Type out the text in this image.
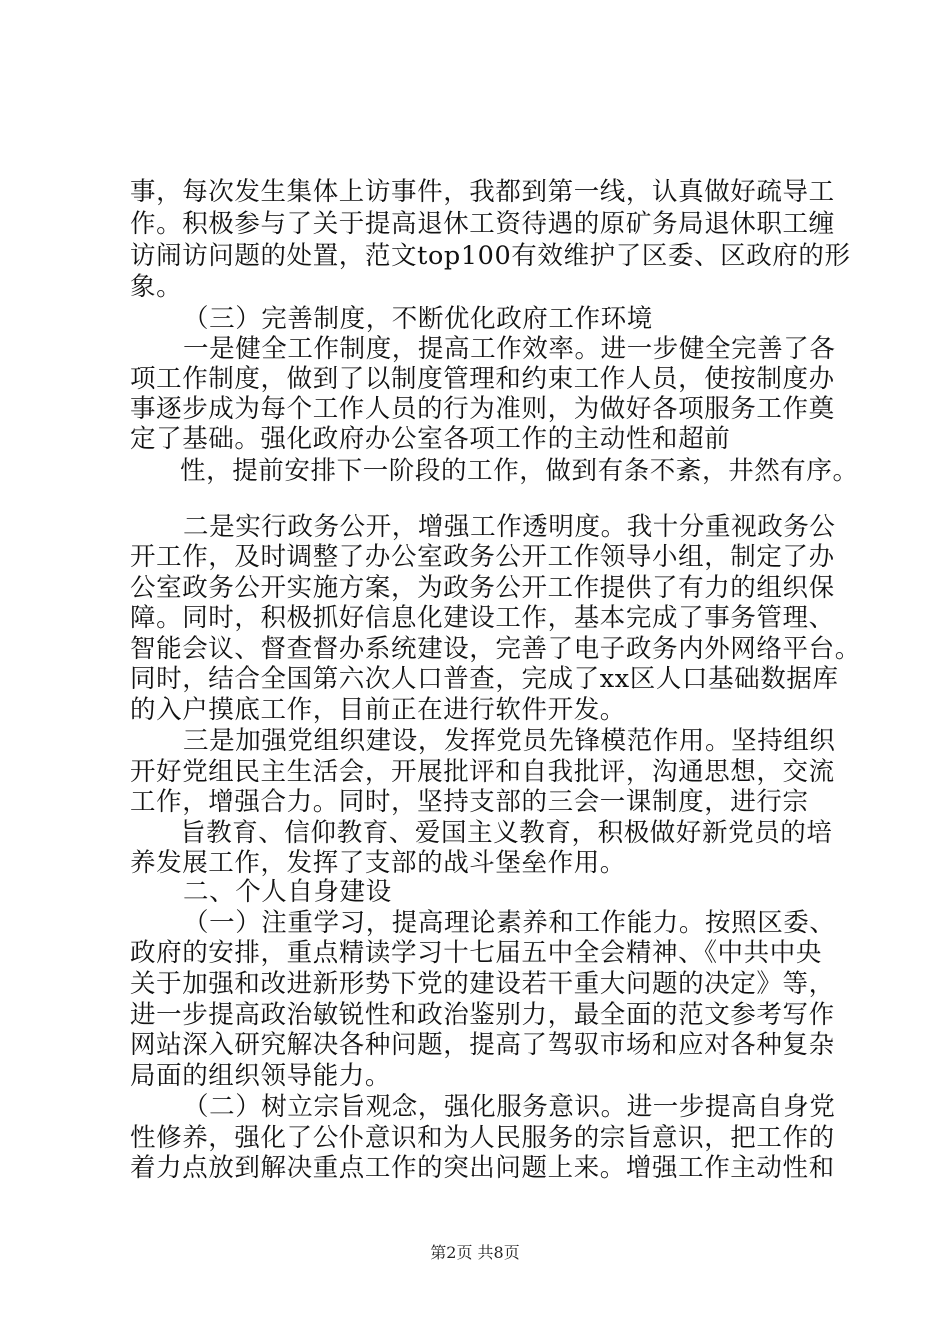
事，每次发生集体上访事件，我都到第一线，认真做好疏导工
作。积极参与了关于提高退休工资待遇的原矿务局退休职工缠
访闹访问题的处置，范文top100有效维护了区委、区政府的形
象。
（三）完善制度，不断优化政府工作环境
一是健全工作制度，提高工作效率。进一步健全完善了各
项工作制度，做到了以制度管理和约束工作人员，使按制度办
事逐步成为每个工作人员的行为准则，为做好各项服务工作奠
定了基础。强化政府办公室各项工作的主动性和超前
性，提前安排下一阶段的工作，做到有条不紊，井然有序。
二是实行政务公开，增强工作透明度。我十分重视政务公
开工作，及时调整了办公室政务公开工作领导小组，制定了办
公室政务公开实施方案，为政务公开工作提供了有力的组织保
障。同时，积极抓好信息化建设工作，基本完成了事务管理、
智能会议、督查督办系统建设，完善了电子政务内外网络平台。
同时，结合全国第六次人口普查，完成了xx区人口基础数据库
的入户摸底工作，目前正在进行软件开发。
三是加强党组织建设，发挥党员先锋模范作用。坚持组织
开好党组民主生活会，开展批评和自我批评，沟通思想，交流
工作，增强合力。同时，坚持支部的三会一课制度，进行宗
旨教育、信仰教育、爱国主义教育，积极做好新党员的培
养发展工作，发挥了支部的战斗堡垒作用。
二、个人自身建设
（一）注重学习，提高理论素养和工作能力。按照区委、
政府的安排，重点精读学习十七届五中全会精神、《中共中央
关于加强和改进新形势下党的建设若干重大问题的决定》等，
进一步提高政治敏锐性和政治鉴别力，最全面的范文参考写作
网站深入研究解决各种问题，提高了驾驭市场和应对各种复杂
局面的组织领导能力。
（二）树立宗旨观念，强化服务意识。进一步提高自身党
性修养，强化了公仆意识和为人民服务的宗旨意识，把工作的
着力点放到解决重点工作的突出问题上来。增强工作主动性和
第2页 共8页
